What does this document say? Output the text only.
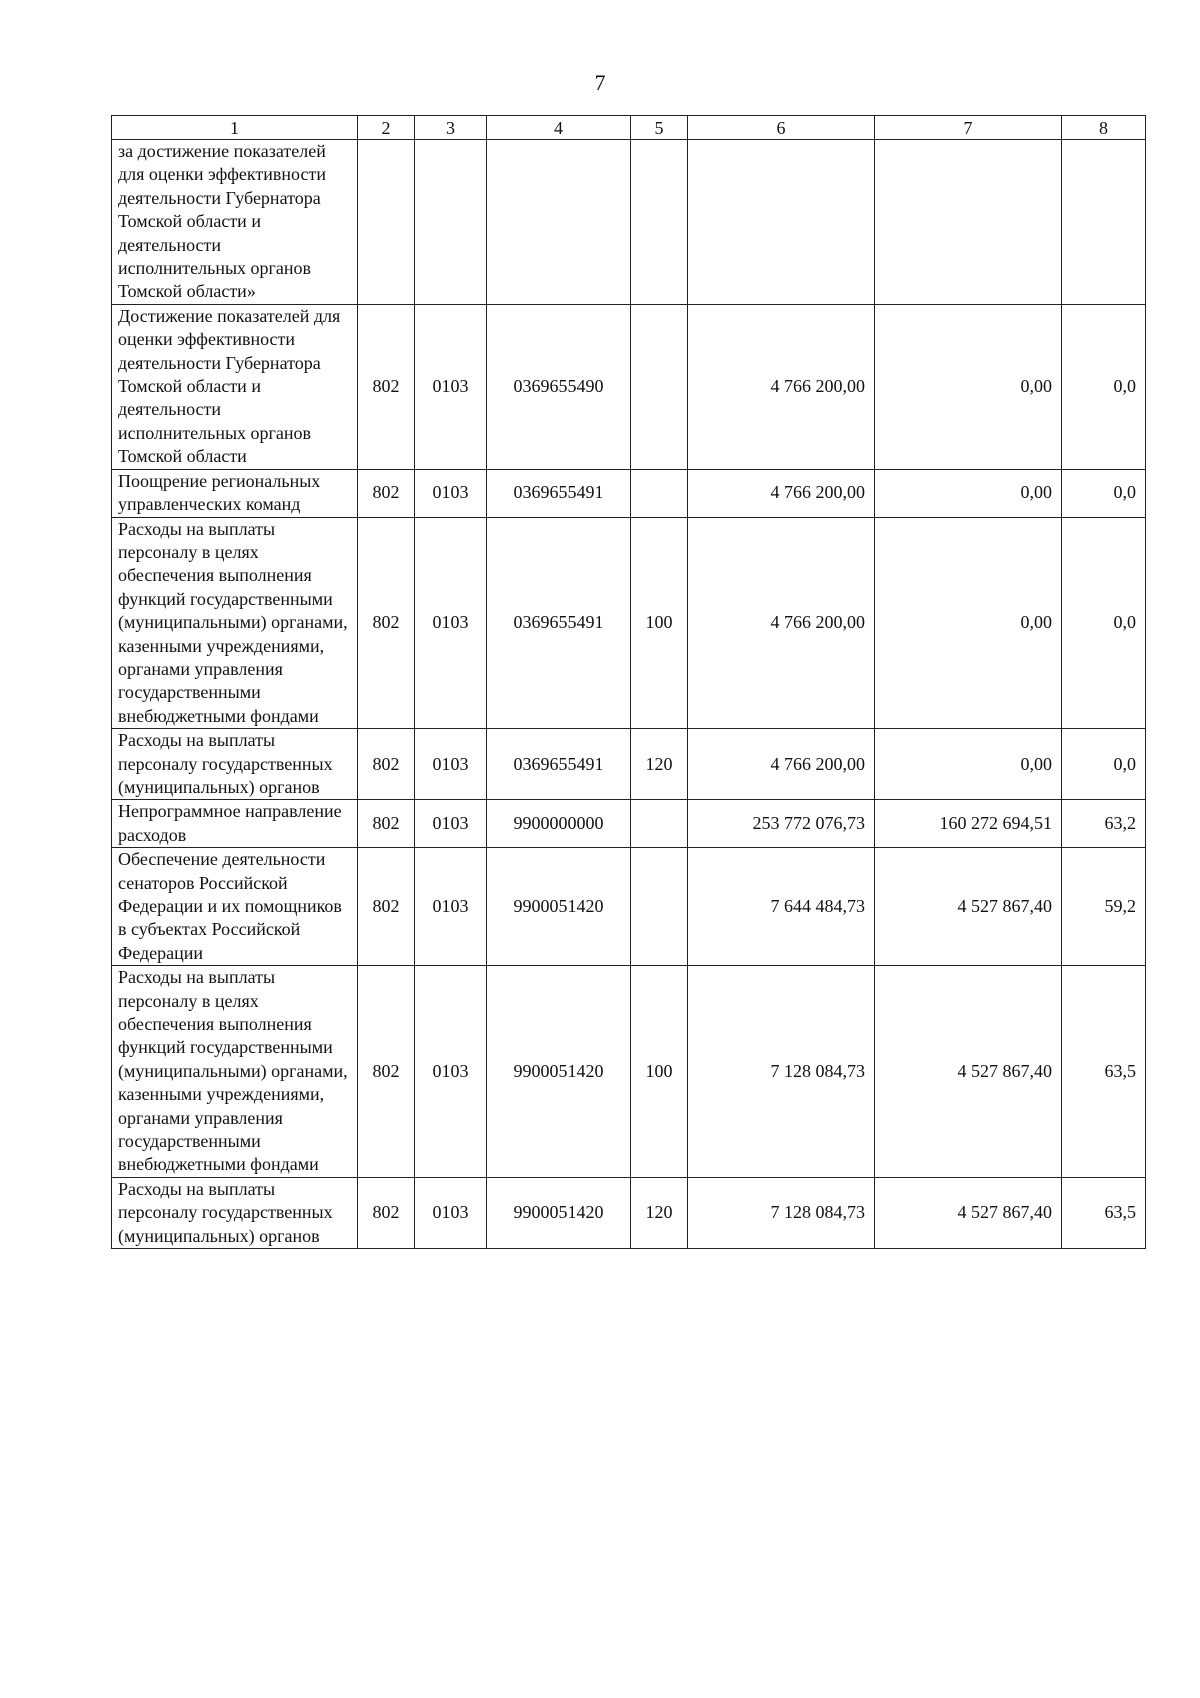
7
1	2	3	4	5	6	7	8
за достижение показателей для оценки эффективности деятельности Губернатора Томской области и деятельности исполнительных органов Томской области»							
Достижение показателей для оценки эффективности деятельности Губернатора Томской области и деятельности исполнительных органов Томской области	802	0103	0369655490		4 766 200,00	0,00	0,0
Поощрение региональных управленческих команд	802	0103	0369655491		4 766 200,00	0,00	0,0
Расходы на выплаты персоналу в целях обеспечения выполнения функций государственными (муниципальными) органами, казенными учреждениями, органами управления государственными внебюджетными фондами	802	0103	0369655491	100	4 766 200,00	0,00	0,0
Расходы на выплаты персоналу государственных (муниципальных) органов	802	0103	0369655491	120	4 766 200,00	0,00	0,0
Непрограммное направление расходов	802	0103	9900000000		253 772 076,73	160 272 694,51	63,2
Обеспечение деятельности сенаторов Российской Федерации и их помощников в субъектах Российской Федерации	802	0103	9900051420		7 644 484,73	4 527 867,40	59,2
Расходы на выплаты персоналу в целях обеспечения выполнения функций государственными (муниципальными) органами, казенными учреждениями, органами управления государственными внебюджетными фондами	802	0103	9900051420	100	7 128 084,73	4 527 867,40	63,5
Расходы на выплаты персоналу государственных (муниципальных) органов	802	0103	9900051420	120	7 128 084,73	4 527 867,40	63,5
